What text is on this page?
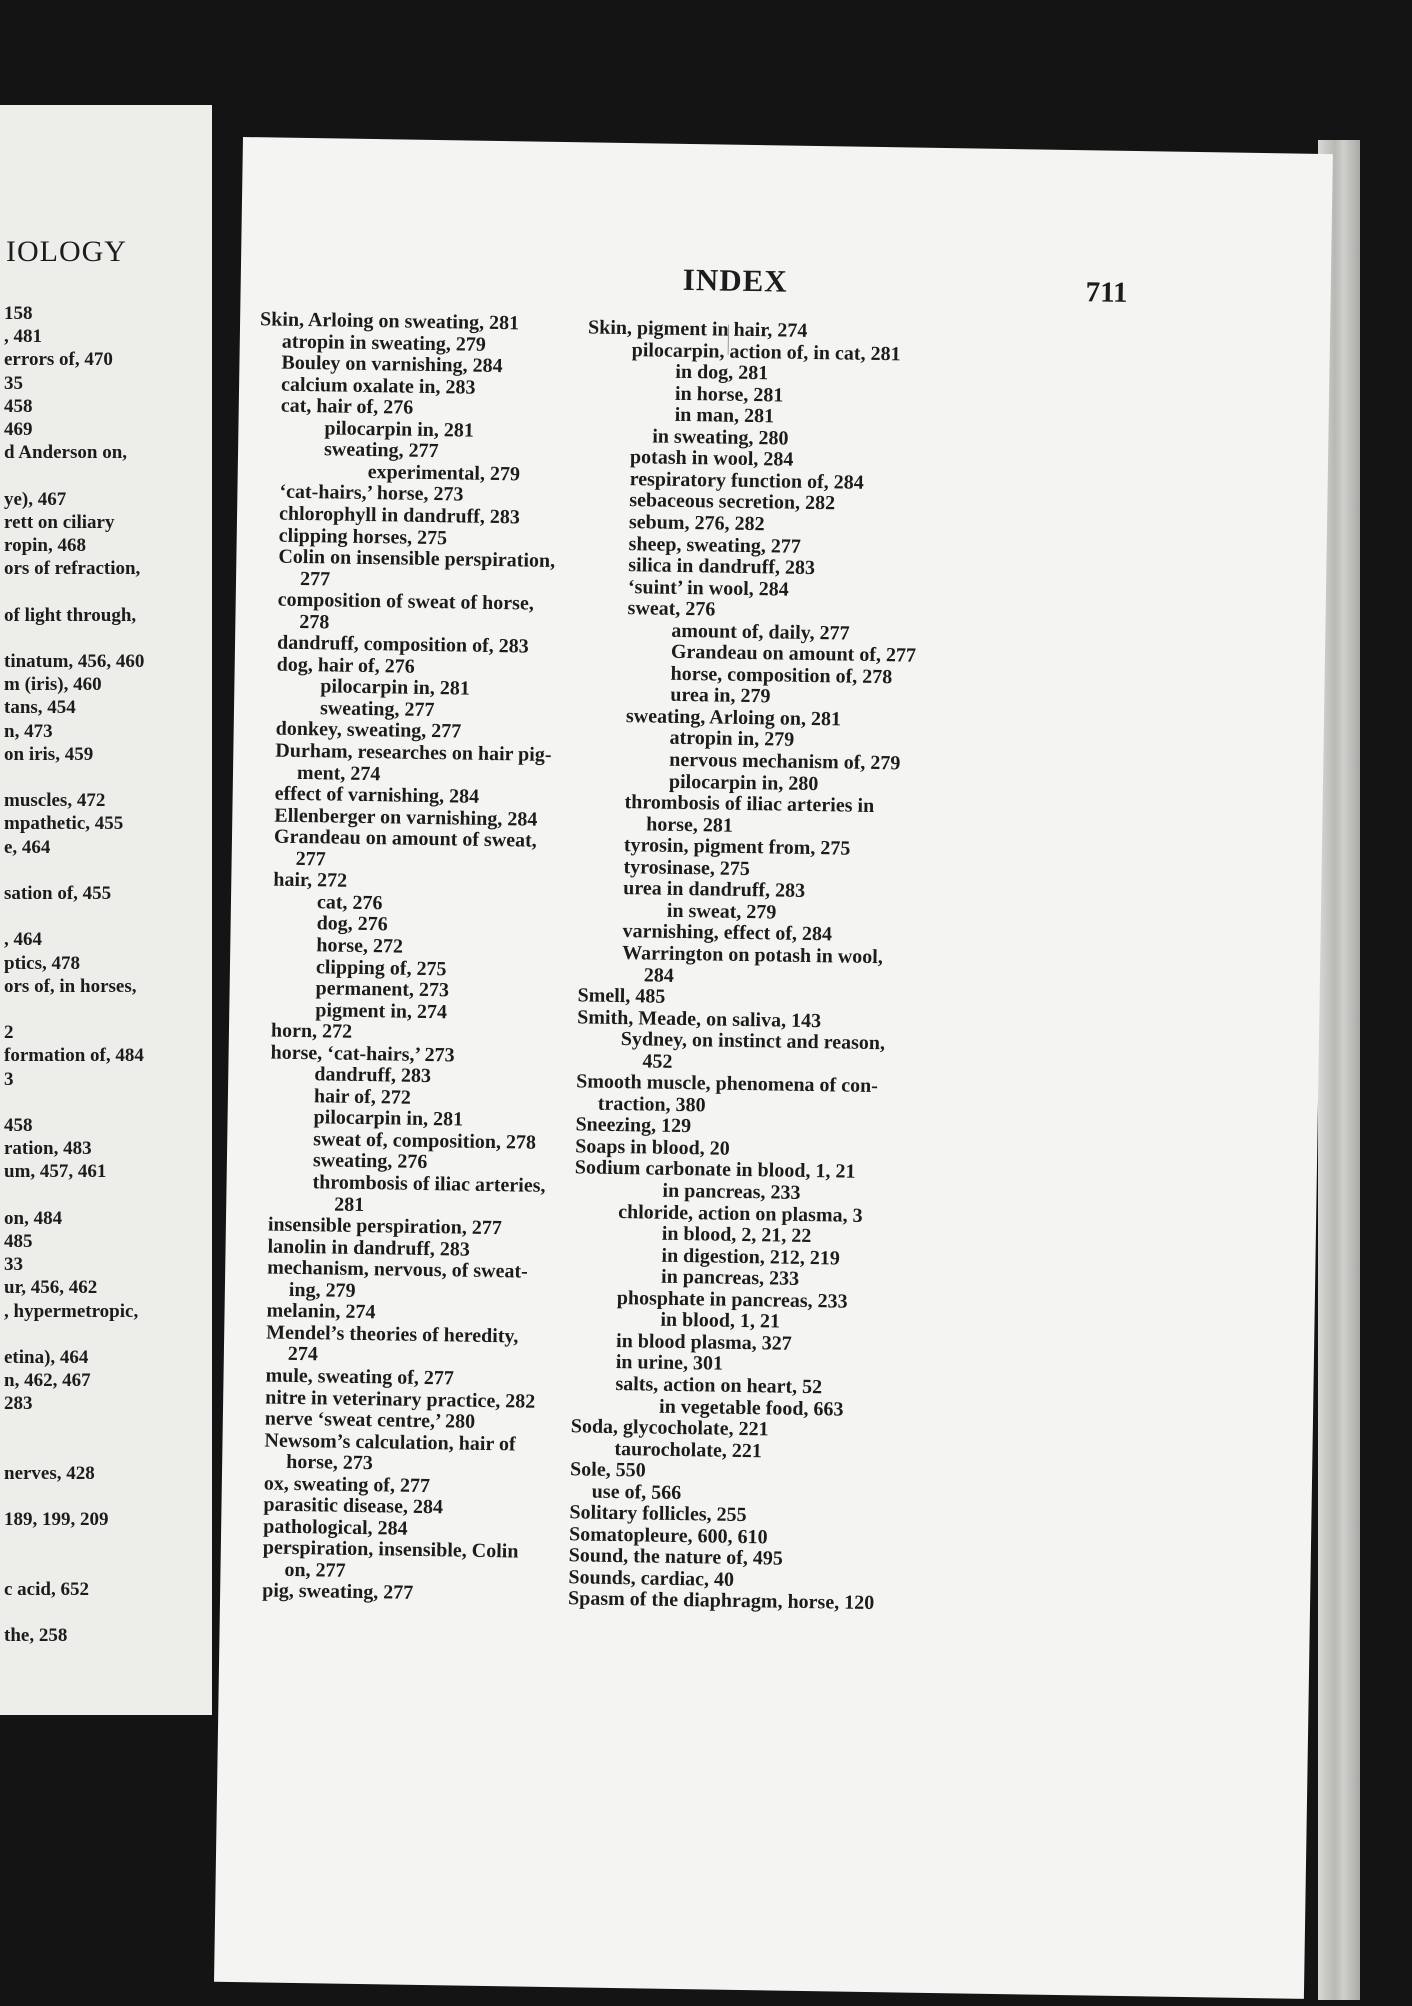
IOLOGY
158
, 481
errors of, 470
35
458
469
d Anderson on,
ye), 467
rett on ciliary
ropin, 468
ors of refraction,
of light through,
tinatum, 456, 460
m (iris), 460
tans, 454
n, 473
on iris, 459
muscles, 472
mpathetic, 455
e, 464
sation of, 455
, 464
ptics, 478
ors of, in horses,
2
formation of, 484
3
458
ration, 483
um, 457, 461
on, 484
485
33
ur, 456, 462
, hypermetropic,
etina), 464
n, 462, 467
283
nerves, 428
189, 199, 209
c acid, 652
the, 258
INDEX	711
Skin, Arloing on sweating, 281
atropin in sweating, 279
Bouley on varnishing, 284
calcium oxalate in, 283
cat, hair of, 276
pilocarpin in, 281
sweating, 277
experimental, 279
‘cat-hairs,’ horse, 273
chlorophyll in dandruff, 283
clipping horses, 275
Colin on insensible perspiration,
277
composition of sweat of horse,
278
dandruff, composition of, 283
dog, hair of, 276
pilocarpin in, 281
sweating, 277
donkey, sweating, 277
Durham, researches on hair pig-
ment, 274
effect of varnishing, 284
Ellenberger on varnishing, 284
Grandeau on amount of sweat,
277
hair, 272
cat, 276
dog, 276
horse, 272
clipping of, 275
permanent, 273
pigment in, 274
horn, 272
horse, ‘cat-hairs,’ 273
dandruff, 283
hair of, 272
pilocarpin in, 281
sweat of, composition, 278
sweating, 276
thrombosis of iliac arteries,
281
insensible perspiration, 277
lanolin in dandruff, 283
mechanism, nervous, of sweat-
ing, 279
melanin, 274
Mendel’s theories of heredity,
274
mule, sweating of, 277
nitre in veterinary practice, 282
nerve ‘sweat centre,’ 280
Newsom’s calculation, hair of
horse, 273
ox, sweating of, 277
parasitic disease, 284
pathological, 284
perspiration, insensible, Colin
on, 277
pig, sweating, 277
Skin, pigment in hair, 274
pilocarpin, action of, in cat, 281
in dog, 281
in horse, 281
in man, 281
in sweating, 280
potash in wool, 284
respiratory function of, 284
sebaceous secretion, 282
sebum, 276, 282
sheep, sweating, 277
silica in dandruff, 283
‘suint’ in wool, 284
sweat, 276
amount of, daily, 277
Grandeau on amount of, 277
horse, composition of, 278
urea in, 279
sweating, Arloing on, 281
atropin in, 279
nervous mechanism of, 279
pilocarpin in, 280
thrombosis of iliac arteries in
horse, 281
tyrosin, pigment from, 275
tyrosinase, 275
urea in dandruff, 283
in sweat, 279
varnishing, effect of, 284
Warrington on potash in wool,
284
Smell, 485
Smith, Meade, on saliva, 143
Sydney, on instinct and reason,
452
Smooth muscle, phenomena of con-
traction, 380
Sneezing, 129
Soaps in blood, 20
Sodium carbonate in blood, 1, 21
in pancreas, 233
chloride, action on plasma, 3
in blood, 2, 21, 22
in digestion, 212, 219
in pancreas, 233
phosphate in pancreas, 233
in blood, 1, 21
in blood plasma, 327
in urine, 301
salts, action on heart, 52
in vegetable food, 663
Soda, glycocholate, 221
taurocholate, 221
Sole, 550
use of, 566
Solitary follicles, 255
Somatopleure, 600, 610
Sound, the nature of, 495
Sounds, cardiac, 40
Spasm of the diaphragm, horse, 120
